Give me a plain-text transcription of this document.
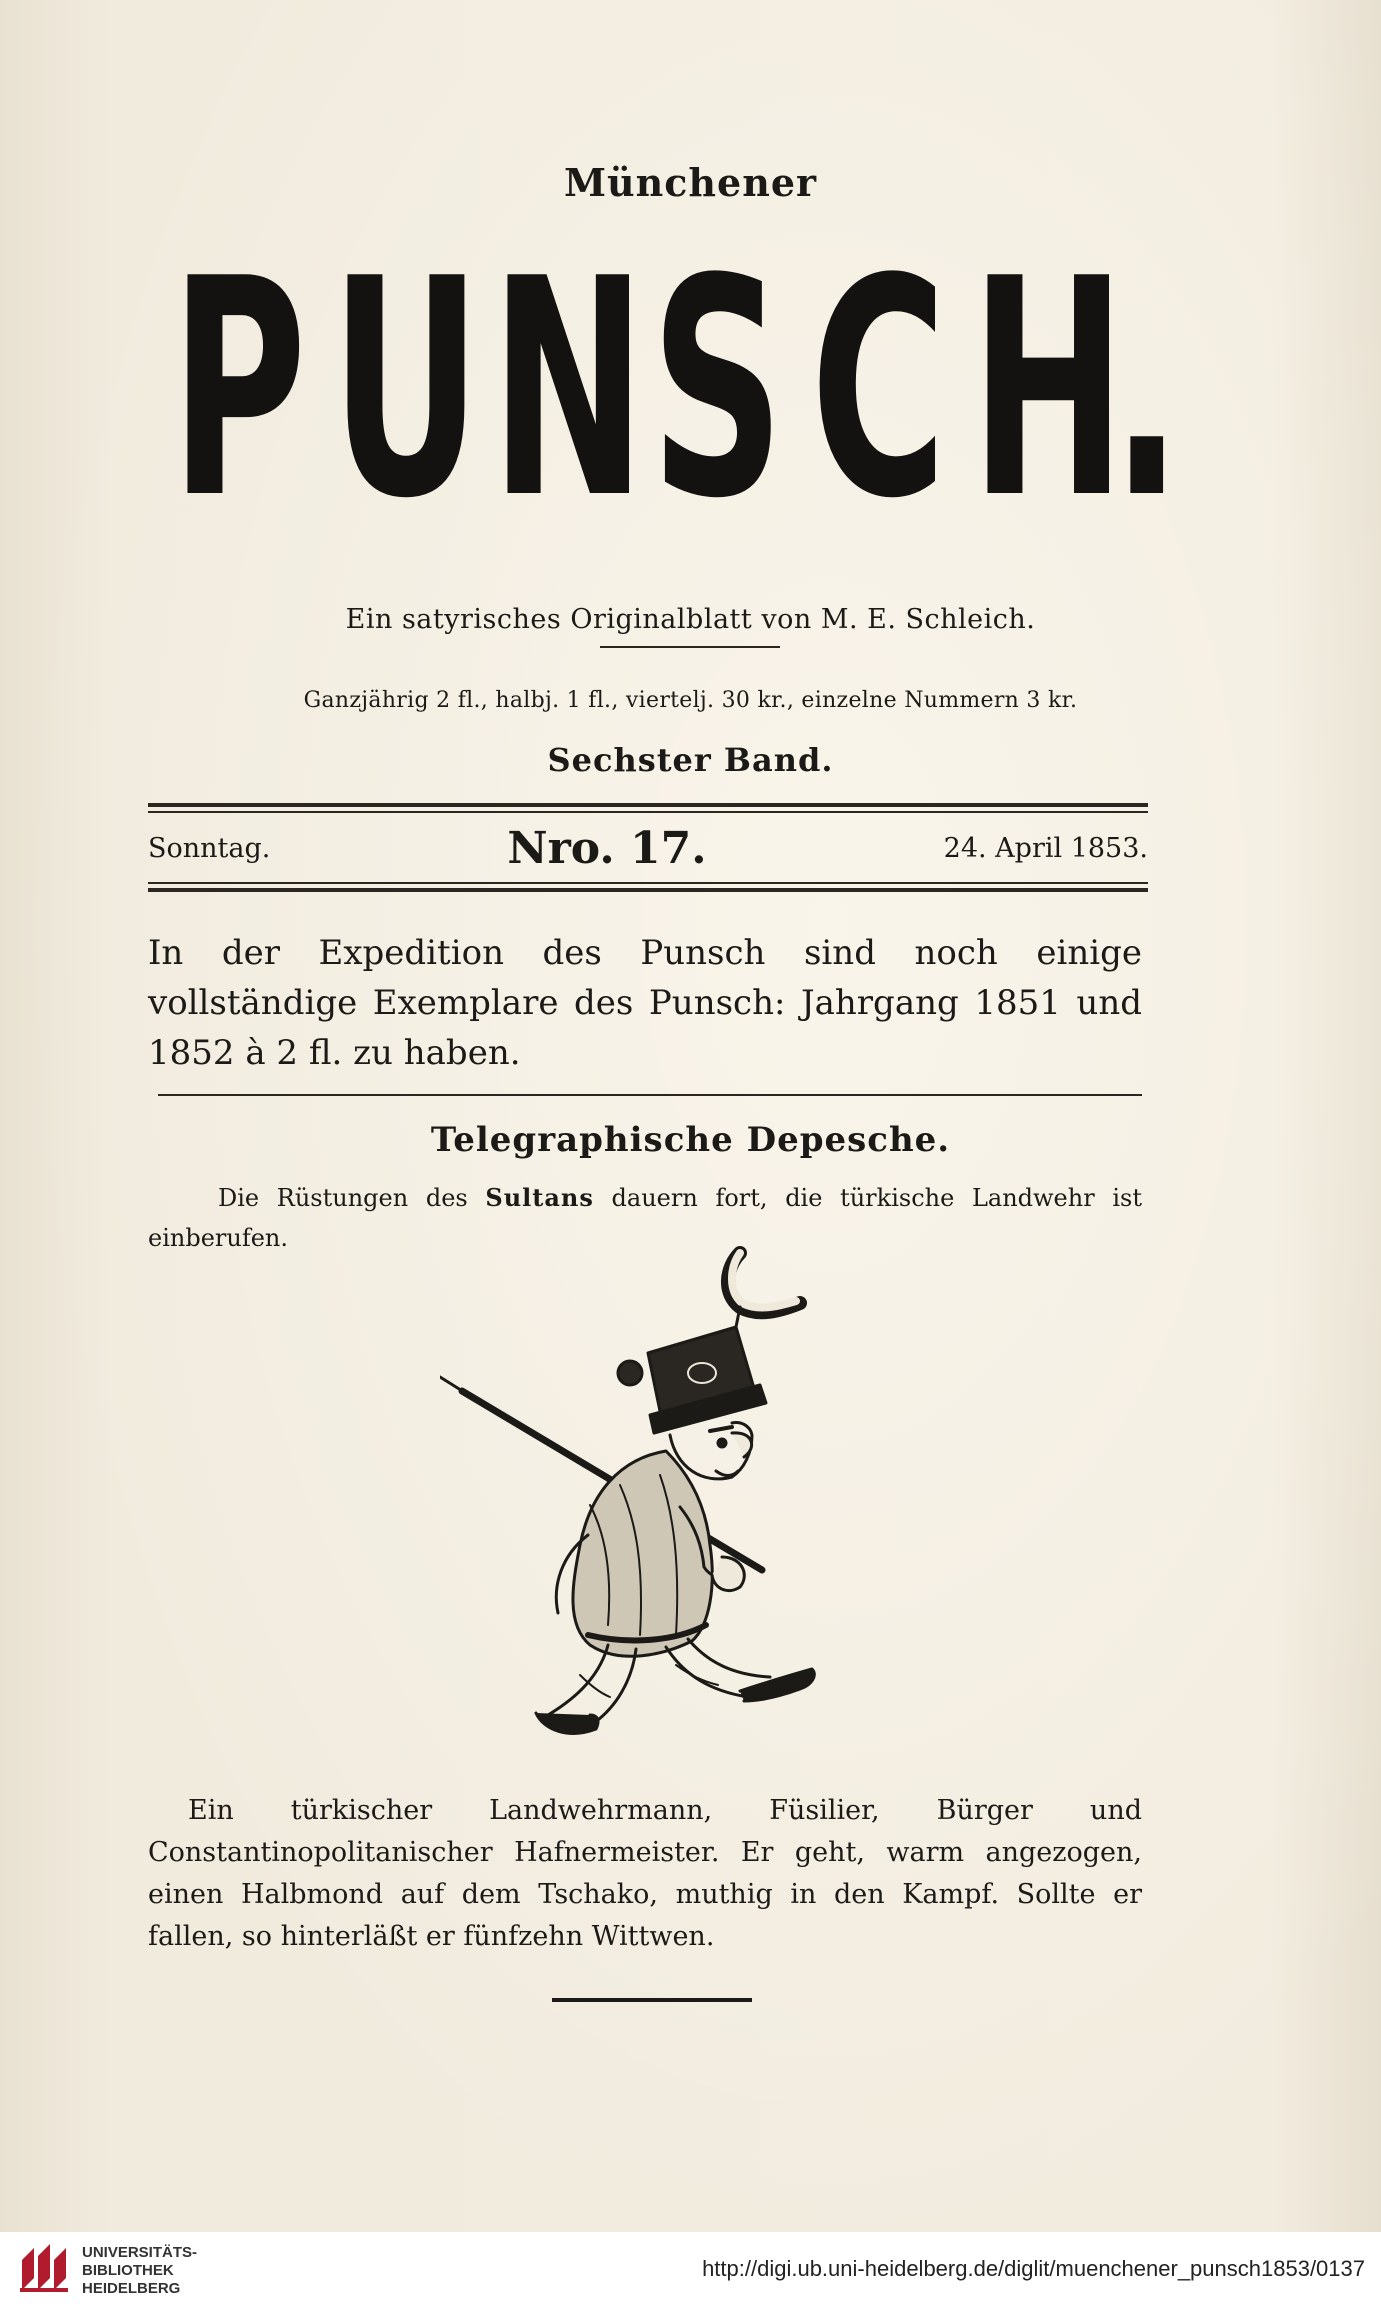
Münchener
P U N S C H
.
Ein satyrisches Originalblatt von M. E. Schleich.
Ganzjährig 2 fl., halbj. 1 fl., viertelj. 30 kr., einzelne Nummern 3 kr.
Sechster Band.
Sonntag.	Nro. 17.	24. April 1853.
In der Expedition des Punsch sind noch einige vollständige Exemplare des Punsch: Jahrgang 1851 und 1852 à 2 fl. zu haben.
Telegraphische Depesche.
Die Rüstungen des Sultans dauern fort, die türkische Landwehr ist einberufen.
Ein türkischer Landwehrmann, Füsilier, Bürger und Constantinopolitanischer Hafnermeister. Er geht, warm angezogen, einen Halbmond auf dem Tschako, muthig in den Kampf. Sollte er fallen, so hinterläßt er fünfzehn Wittwen.
UNIVERSITÄTS-
BIBLIOTHEK
HEIDELBERG
http://digi.ub.uni-heidelberg.de/diglit/muenchener_punsch1853/0137
